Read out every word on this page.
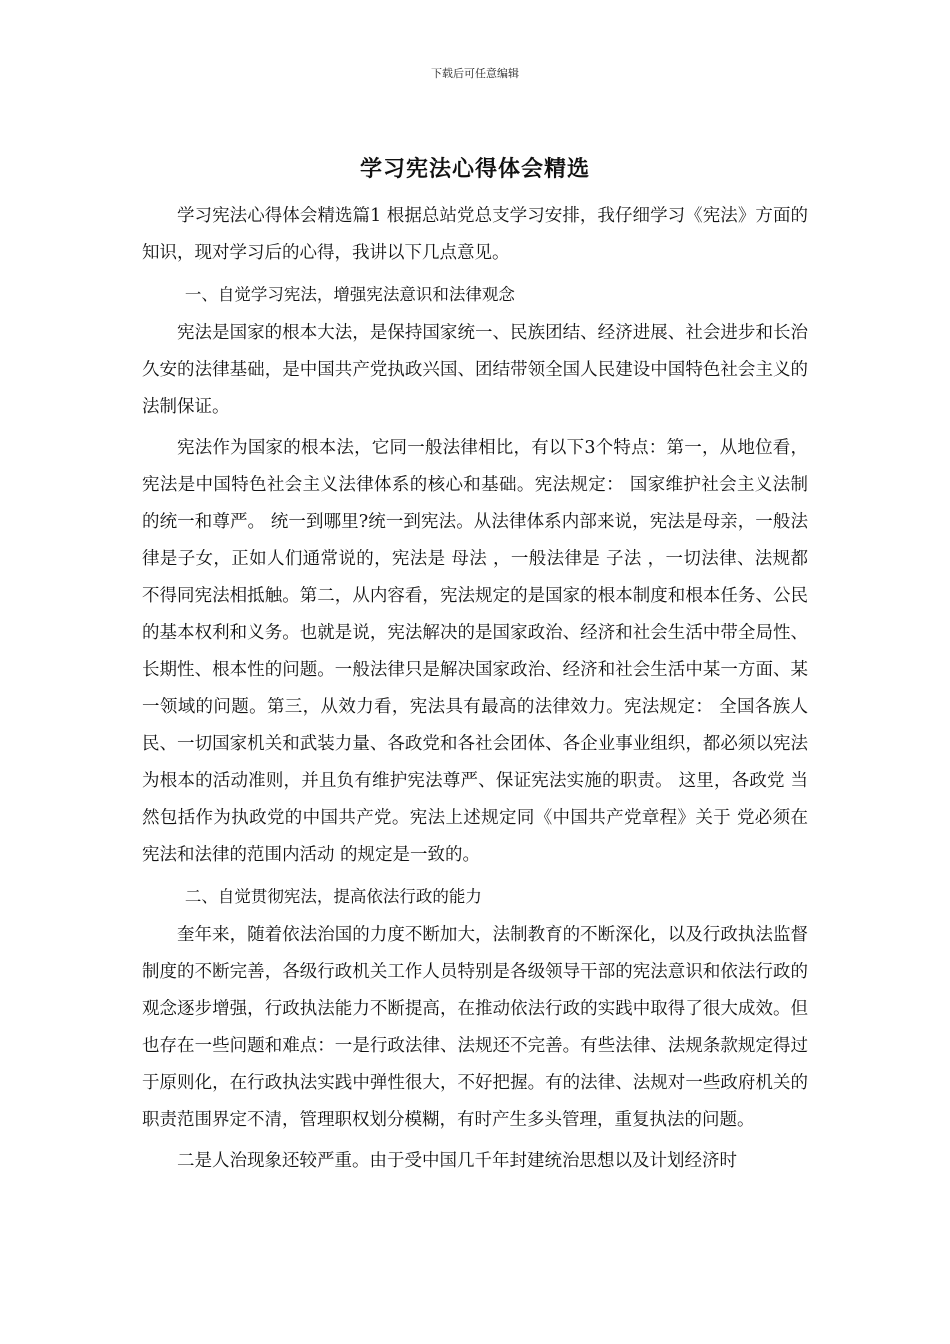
下载后可任意编辑
学习宪法心得体会精选

学习宪法心得体会精选篇1 根据总站党总支学习安排，我仔细学习《宪法》方面的知识，现对学习后的心得，我讲以下几点意见。

一、自觉学习宪法，增强宪法意识和法律观念

宪法是国家的根本大法，是保持国家统一、民族团结、经济进展、社会进步和长治久安的法律基础，是中国共产党执政兴国、团结带领全国人民建设中国特色社会主义的法制保证。

宪法作为国家的根本法，它同一般法律相比，有以下3个特点：第一，从地位看，宪法是中国特色社会主义法律体系的核心和基础。宪法规定： 国家维护社会主义法制的统一和尊严。 统一到哪里?统一到宪法。从法律体系内部来说，宪法是母亲，一般法律是子女，正如人们通常说的，宪法是 母法 ，一般法律是 子法 ，一切法律、法规都不得同宪法相抵触。第二，从内容看，宪法规定的是国家的根本制度和根本任务、公民的基本权利和义务。也就是说，宪法解决的是国家政治、经济和社会生活中带全局性、长期性、根本性的问题。一般法律只是解决国家政治、经济和社会生活中某一方面、某一领域的问题。第三，从效力看，宪法具有最高的法律效力。宪法规定： 全国各族人民、一切国家机关和武装力量、各政党和各社会团体、各企业事业组织，都必须以宪法为根本的活动准则，并且负有维护宪法尊严、保证宪法实施的职责。 这里，各政党 当然包括作为执政党的中国共产党。宪法上述规定同《中国共产党章程》关于 党必须在宪法和法律的范围内活动 的规定是一致的。

二、自觉贯彻宪法，提高依法行政的能力

奎年来，随着依法治国的力度不断加大，法制教育的不断深化，以及行政执法监督制度的不断完善，各级行政机关工作人员特别是各级领导干部的宪法意识和依法行政的观念逐步增强，行政执法能力不断提高，在推动依法行政的实践中取得了很大成效。但也存在一些问题和难点：一是行政法律、法规还不完善。有些法律、法规条款规定得过于原则化，在行政执法实践中弹性很大，不好把握。有的法律、法规对一些政府机关的职责范围界定不清，管理职权划分模糊，有时产生多头管理，重复执法的问题。

二是人治现象还较严重。由于受中国几千年封建统治思想以及计划经济时
